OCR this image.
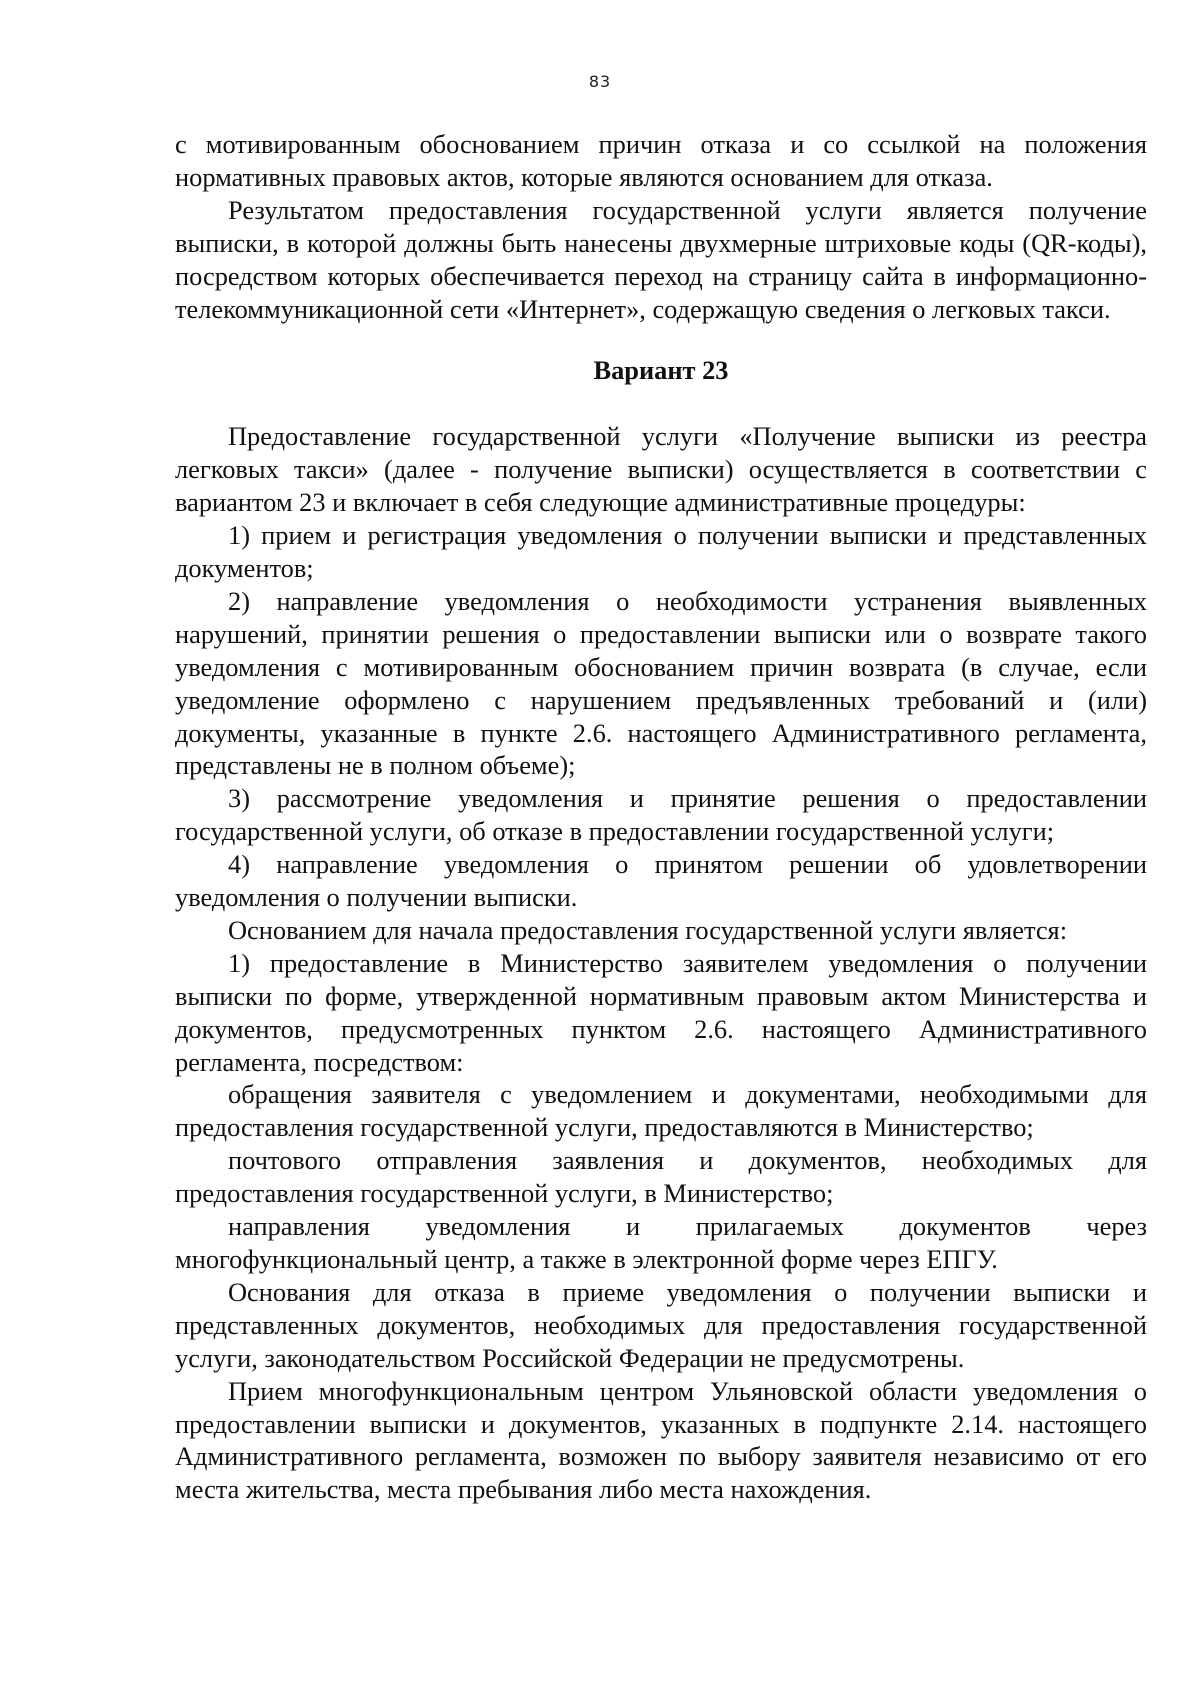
83

с мотивированным обоснованием причин отказа и со ссылкой на положения нормативных правовых актов, которые являются основанием для отказа.

Результатом предоставления государственной услуги является получение выписки, в которой должны быть нанесены двухмерные штриховые коды (QR-коды), посредством которых обеспечивается переход на страницу сайта в информационно-телекоммуникационной сети «Интернет», содержащую сведения о легковых такси.

Вариант 23

Предоставление государственной услуги «Получение выписки из реестра легковых такси» (далее - получение выписки) осуществляется в соответствии с вариантом 23 и включает в себя следующие административные процедуры:

1) прием и регистрация уведомления о получении выписки и представленных документов;

2) направление уведомления о необходимости устранения выявленных нарушений, принятии решения о предоставлении выписки или о возврате такого уведомления с мотивированным обоснованием причин возврата (в случае, если уведомление оформлено с нарушением предъявленных требований и (или) документы, указанные в пункте 2.6. настоящего Административного регламента, представлены не в полном объеме);

3) рассмотрение уведомления и принятие решения о предоставлении государственной услуги, об отказе в предоставлении государственной услуги;

4) направление уведомления о принятом решении об удовлетворении уведомления о получении выписки.

Основанием для начала предоставления государственной услуги является:

1) предоставление в Министерство заявителем уведомления о получении выписки по форме, утвержденной нормативным правовым актом Министерства и документов, предусмотренных пунктом 2.6. настоящего Административного регламента, посредством:

обращения заявителя с уведомлением и документами, необходимыми для предоставления государственной услуги, предоставляются в Министерство;

почтового отправления заявления и документов, необходимых для предоставления государственной услуги, в Министерство;

направления уведомления и прилагаемых документов через многофункциональный центр, а также в электронной форме через ЕПГУ.

Основания для отказа в приеме уведомления о получении выписки и представленных документов, необходимых для предоставления государственной услуги, законодательством Российской Федерации не предусмотрены.

Прием многофункциональным центром Ульяновской области уведомления о предоставлении выписки и документов, указанных в подпункте 2.14. настоящего Административного регламента, возможен по выбору заявителя независимо от его места жительства, места пребывания либо места нахождения.
